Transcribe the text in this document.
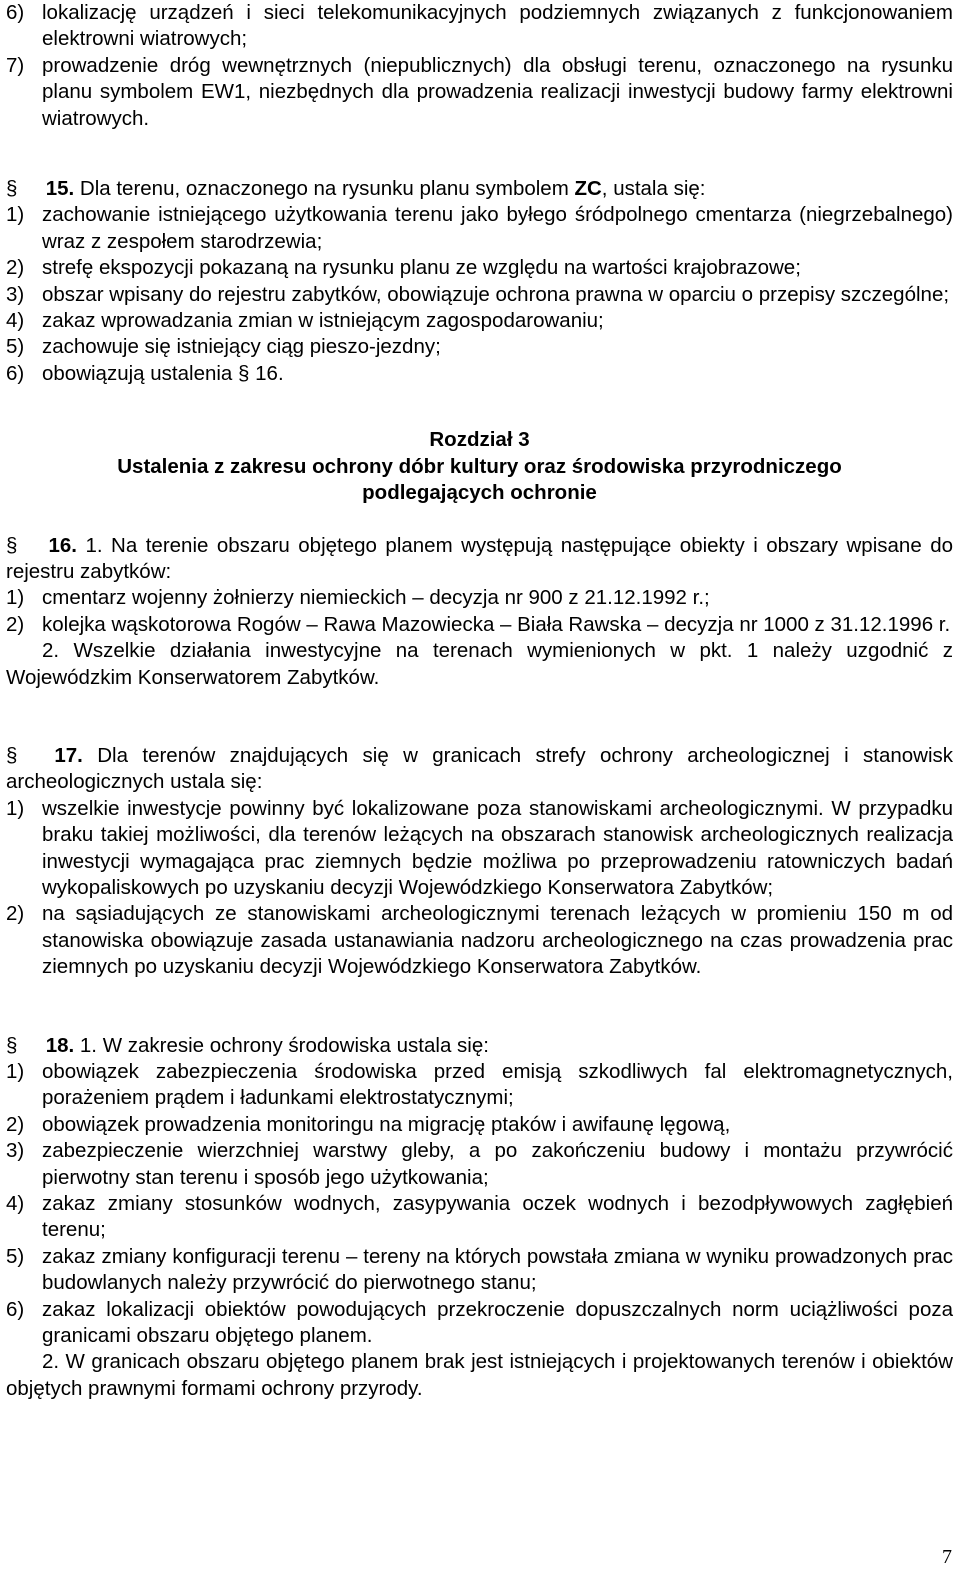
6) lokalizację urządzeń i sieci telekomunikacyjnych podziemnych związanych z funkcjonowaniem elektrowni wiatrowych;

7) prowadzenie dróg wewnętrznych (niepublicznych) dla obsługi terenu, oznaczonego na rysunku planu symbolem EW1, niezbędnych dla prowadzenia realizacji inwestycji budowy farmy elektrowni wiatrowych.

§ 15. Dla terenu, oznaczonego na rysunku planu symbolem ZC, ustala się:

1) zachowanie istniejącego użytkowania terenu jako byłego śródpolnego cmentarza (niegrzebalnego) wraz z zespołem starodrzewia;

2) strefę ekspozycji pokazaną na rysunku planu ze względu na wartości krajobrazowe;

3) obszar wpisany do rejestru zabytków, obowiązuje ochrona prawna w oparciu o przepisy szczególne;

4) zakaz wprowadzania zmian w istniejącym zagospodarowaniu;

5) zachowuje się istniejący ciąg pieszo-jezdny;

6) obowiązują ustalenia § 16.

Rozdział 3

Ustalenia z zakresu ochrony dóbr kultury oraz środowiska przyrodniczego podlegających ochronie

§ 16. 1. Na terenie obszaru objętego planem występują następujące obiekty i obszary wpisane do rejestru zabytków:

1) cmentarz wojenny żołnierzy niemieckich – decyzja nr 900 z 21.12.1992 r.;

2) kolejka wąskotorowa Rogów – Rawa Mazowiecka – Biała Rawska – decyzja nr 1000 z 31.12.1996 r.

2. Wszelkie działania inwestycyjne na terenach wymienionych w pkt. 1 należy uzgodnić z Wojewódzkim Konserwatorem Zabytków.

§ 17. Dla terenów znajdujących się w granicach strefy ochrony archeologicznej i stanowisk archeologicznych ustala się:

1) wszelkie inwestycje powinny być lokalizowane poza stanowiskami archeologicznymi. W przypadku braku takiej możliwości, dla terenów leżących na obszarach stanowisk archeologicznych realizacja inwestycji wymagająca prac ziemnych będzie możliwa po przeprowadzeniu ratowniczych badań wykopaliskowych po uzyskaniu decyzji Wojewódzkiego Konserwatora Zabytków;

2) na sąsiadujących ze stanowiskami archeologicznymi terenach leżących w promieniu 150 m od stanowiska obowiązuje zasada ustanawiania nadzoru archeologicznego na czas prowadzenia prac ziemnych po uzyskaniu decyzji Wojewódzkiego Konserwatora Zabytków.

§ 18. 1. W zakresie ochrony środowiska ustala się:

1) obowiązek zabezpieczenia środowiska przed emisją szkodliwych fal elektromagnetycznych, porażeniem prądem i ładunkami elektrostatycznymi;

2) obowiązek prowadzenia monitoringu na migrację ptaków i awifaunę lęgową,

3) zabezpieczenie wierzchniej warstwy gleby, a po zakończeniu budowy i montażu przywrócić pierwotny stan terenu i sposób jego użytkowania;

4) zakaz zmiany stosunków wodnych, zasypywania oczek wodnych i bezodpływowych zagłębień terenu;

5) zakaz zmiany konfiguracji terenu – tereny na których powstała zmiana w wyniku prowadzonych prac budowlanych należy przywrócić do pierwotnego stanu;

6) zakaz lokalizacji obiektów powodujących przekroczenie dopuszczalnych norm uciążliwości poza granicami obszaru objętego planem.

2. W granicach obszaru objętego planem brak jest istniejących i projektowanych terenów i obiektów objętych prawnymi formami ochrony przyrody.

7
